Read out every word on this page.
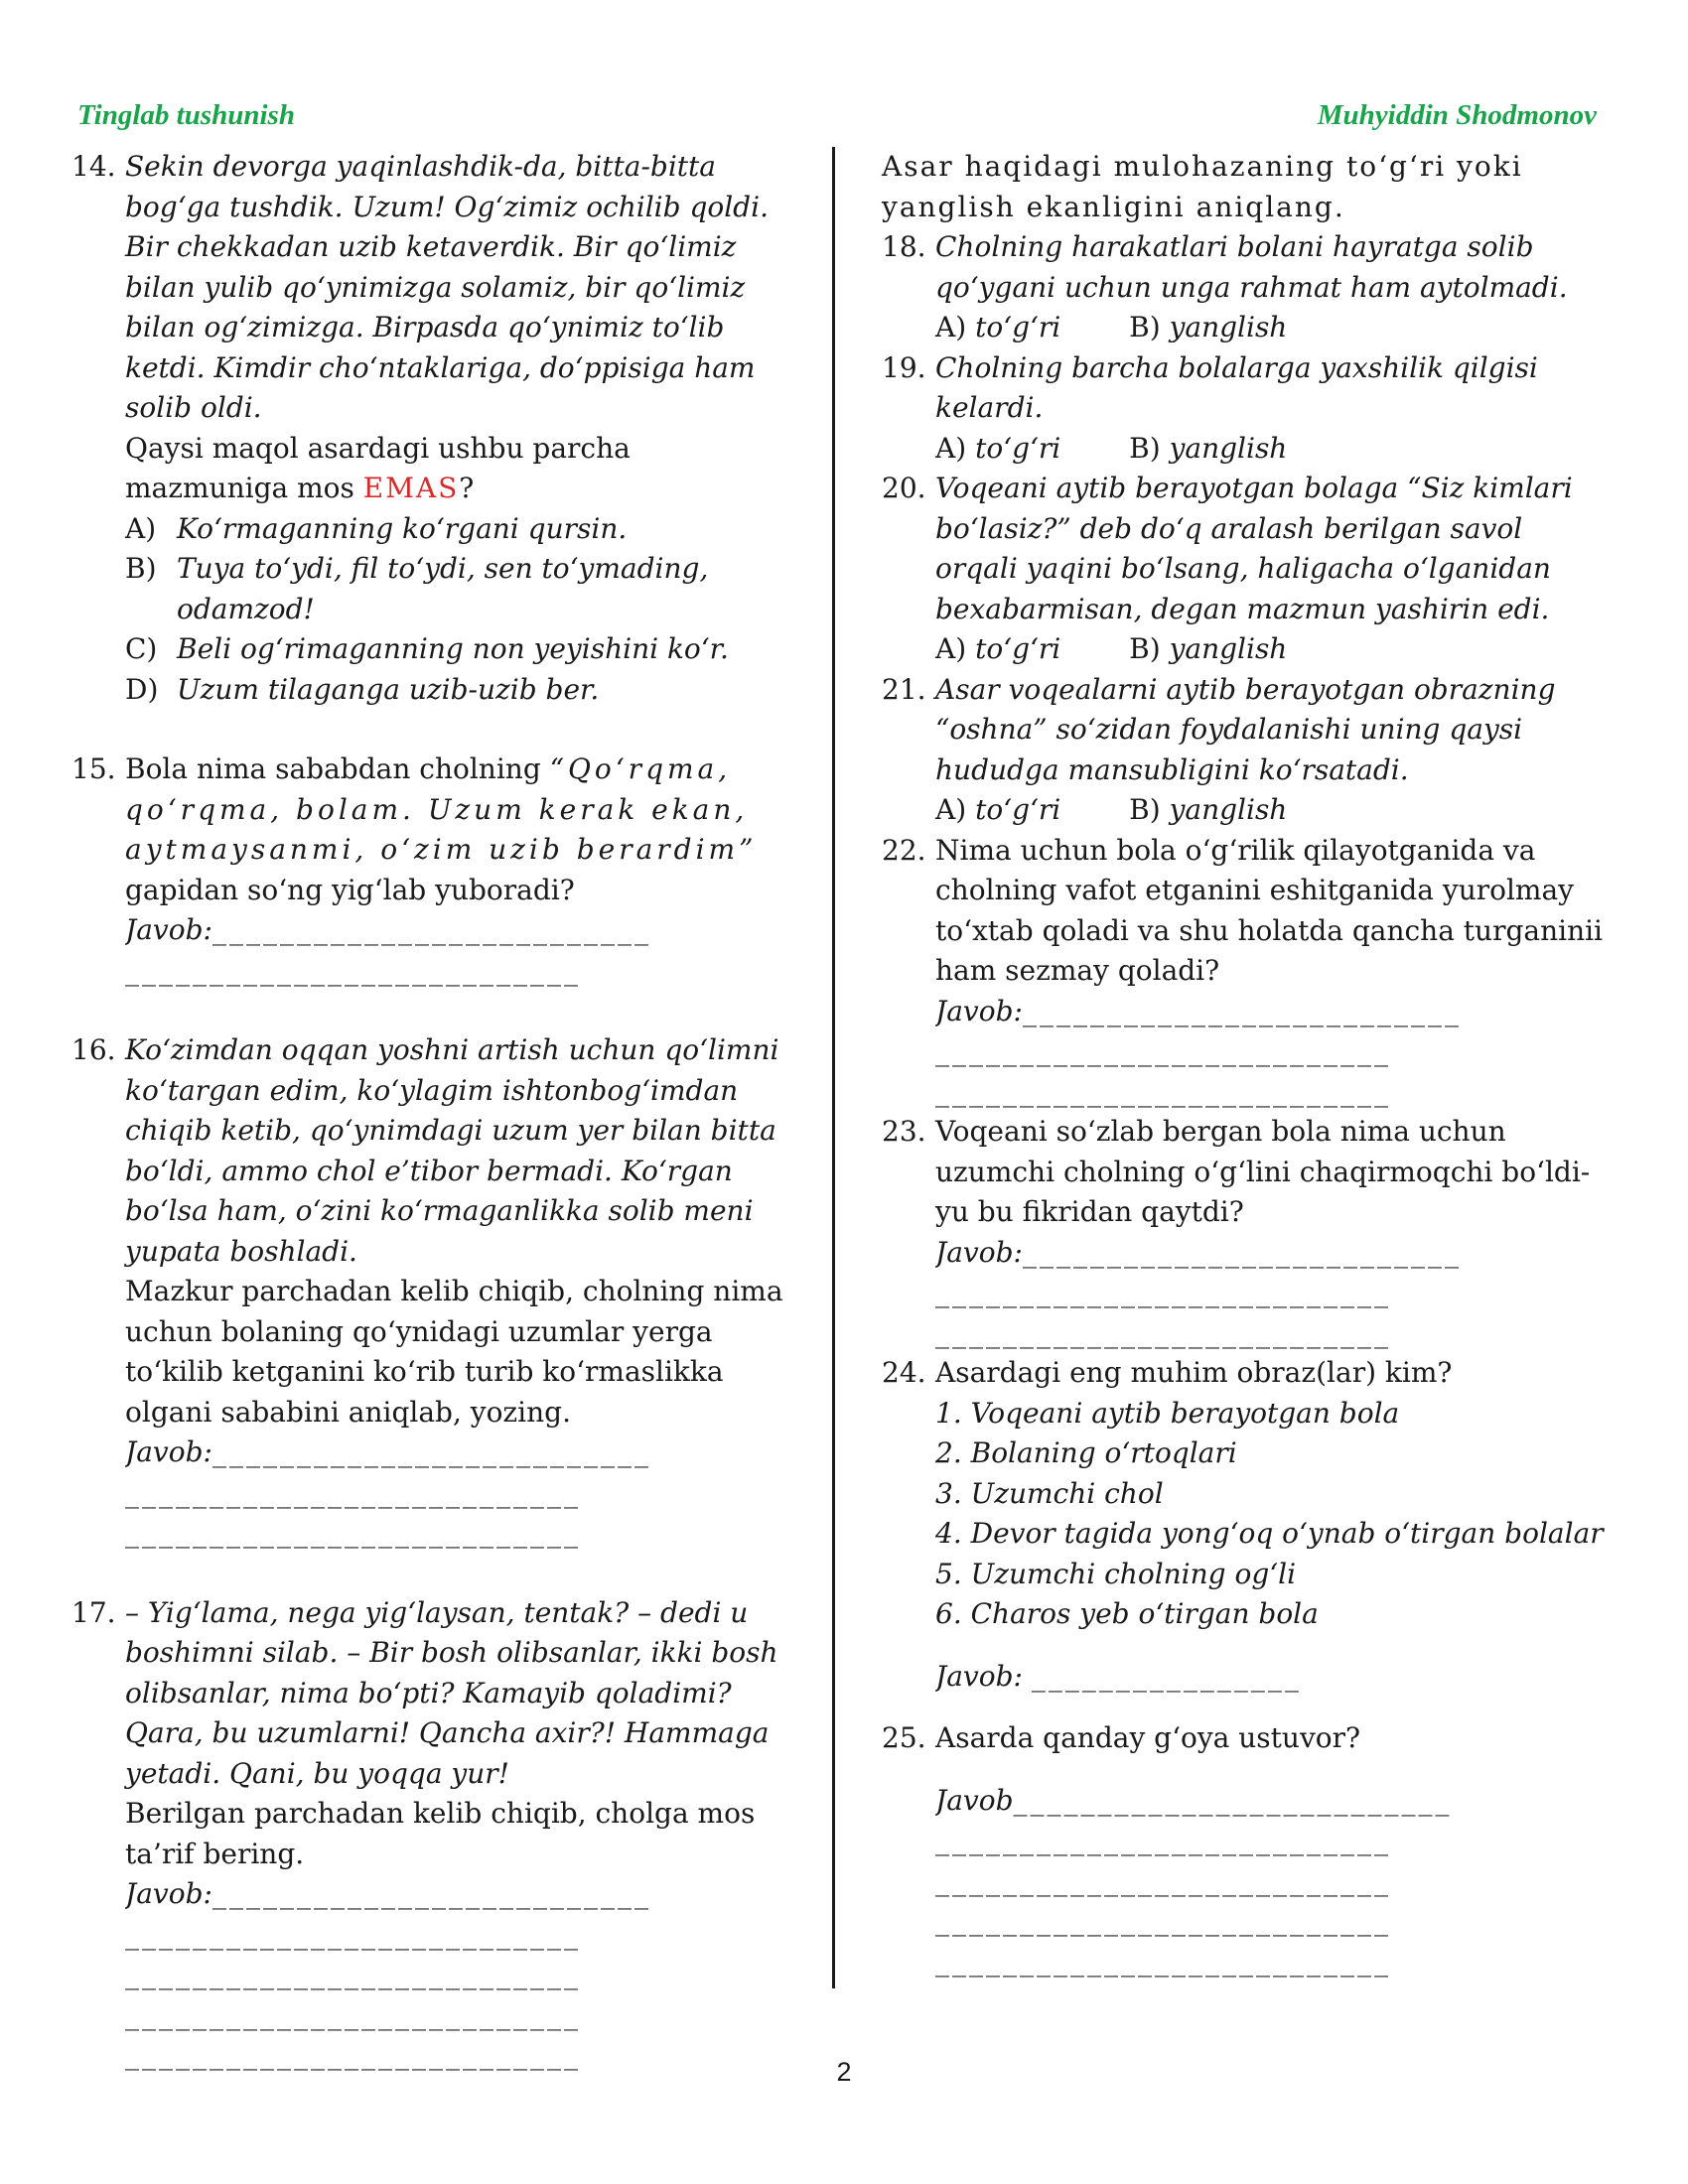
Tinglab tushunish	Muhyiddin Shodmonov
14. Sekin devorga yaqinlashdik-da, bitta-bitta bog‘ga tushdik. Uzum! Og‘zimiz ochilib qoldi. Bir chekkadan uzib ketaverdik. Bir qo‘limiz bilan yulib qo‘ynimizga solamiz, bir qo‘limiz bilan og‘zimizga. Birpasda qo‘ynimiz to‘lib ketdi. Kimdir cho‘ntaklariga, do‘ppisiga ham solib oldi.
Qaysi maqol asardagi ushbu parcha mazmuniga mos EMAS?
A) Ko‘rmaganning ko‘rgani qursin.
B) Tuya to‘ydi, fil to‘ydi, sen to‘ymading, odamzod!
C) Beli og‘rimaganning non yeyishini ko‘r.
D) Uzum tilaganga uzib-uzib ber.
15. Bola nima sababdan cholning “Qo‘rqma, qo‘rqma, bolam. Uzum kerak ekan, aytmaysanmi, o‘zim uzib berardim” gapidan so‘ng yig‘lab yuboradi?
Javob:__________________________
___________________________
16. Ko‘zimdan oqqan yoshni artish uchun qo‘limni ko‘targan edim, ko‘ylagim ishtonbog‘imdan chiqib ketib, qo‘ynimdagi uzum yer bilan bitta bo‘ldi, ammo chol e’tibor bermadi. Ko‘rgan bo‘lsa ham, o‘zini ko‘rmaganlikka solib meni yupata boshladi.
Mazkur parchadan kelib chiqib, cholning nima uchun bolaning qo‘ynidagi uzumlar yerga to‘kilib ketganini ko‘rib turib ko‘rmaslikka olgani sababini aniqlab, yozing.
Javob:__________________________
___________________________
___________________________
17. – Yig‘lama, nega yig‘laysan, tentak? – dedi u boshimni silab. – Bir bosh olibsanlar, ikki bosh olibsanlar, nima bo‘pti? Kamayib qoladimi? Qara, bu uzumlarni! Qancha axir?! Hammaga yetadi. Qani, bu yoqqa yur!
Berilgan parchadan kelib chiqib, cholga mos ta’rif bering.
Javob:__________________________
___________________________
___________________________
___________________________
___________________________
Asar haqidagi mulohazaning to‘g‘ri yoki yanglish ekanligini aniqlang.
18. Cholning harakatlari bolani hayratga solib qo‘ygani uchun unga rahmat ham aytolmadi.
A) to‘g‘ri B) yanglish
19. Cholning barcha bolalarga yaxshilik qilgisi kelardi.
A) to‘g‘ri B) yanglish
20. Voqeani aytib berayotgan bolaga “Siz kimlari bo‘lasiz?” deb do‘q aralash berilgan savol orqali yaqini bo‘lsang, haligacha o‘lganidan bexabarmisan, degan mazmun yashirin edi.
A) to‘g‘ri B) yanglish
21. Asar voqealarni aytib berayotgan obrazning “oshna” so‘zidan foydalanishi uning qaysi hududga mansubligini ko‘rsatadi.
A) to‘g‘ri B) yanglish
22. Nima uchun bola o‘g‘rilik qilayotganida va cholning vafot etganini eshitganida yurolmay to‘xtab qoladi va shu holatda qancha turganinii ham sezmay qoladi?
Javob:__________________________
___________________________
___________________________
23. Voqeani so‘zlab bergan bola nima uchun uzumchi cholning o‘g‘lini chaqirmoqchi bo‘ldi-yu bu fikridan qaytdi?
Javob:__________________________
___________________________
___________________________
24. Asardagi eng muhim obraz(lar) kim?
1. Voqeani aytib berayotgan bola
2. Bolaning o‘rtoqlari
3. Uzumchi chol
4. Devor tagida yong‘oq o‘ynab o‘tirgan bolalar
5. Uzumchi cholning og‘li
6. Charos yeb o‘tirgan bola
Javob: ________________
25. Asarda qanday g‘oya ustuvor?
Javob__________________________
___________________________
___________________________
___________________________
___________________________
2
